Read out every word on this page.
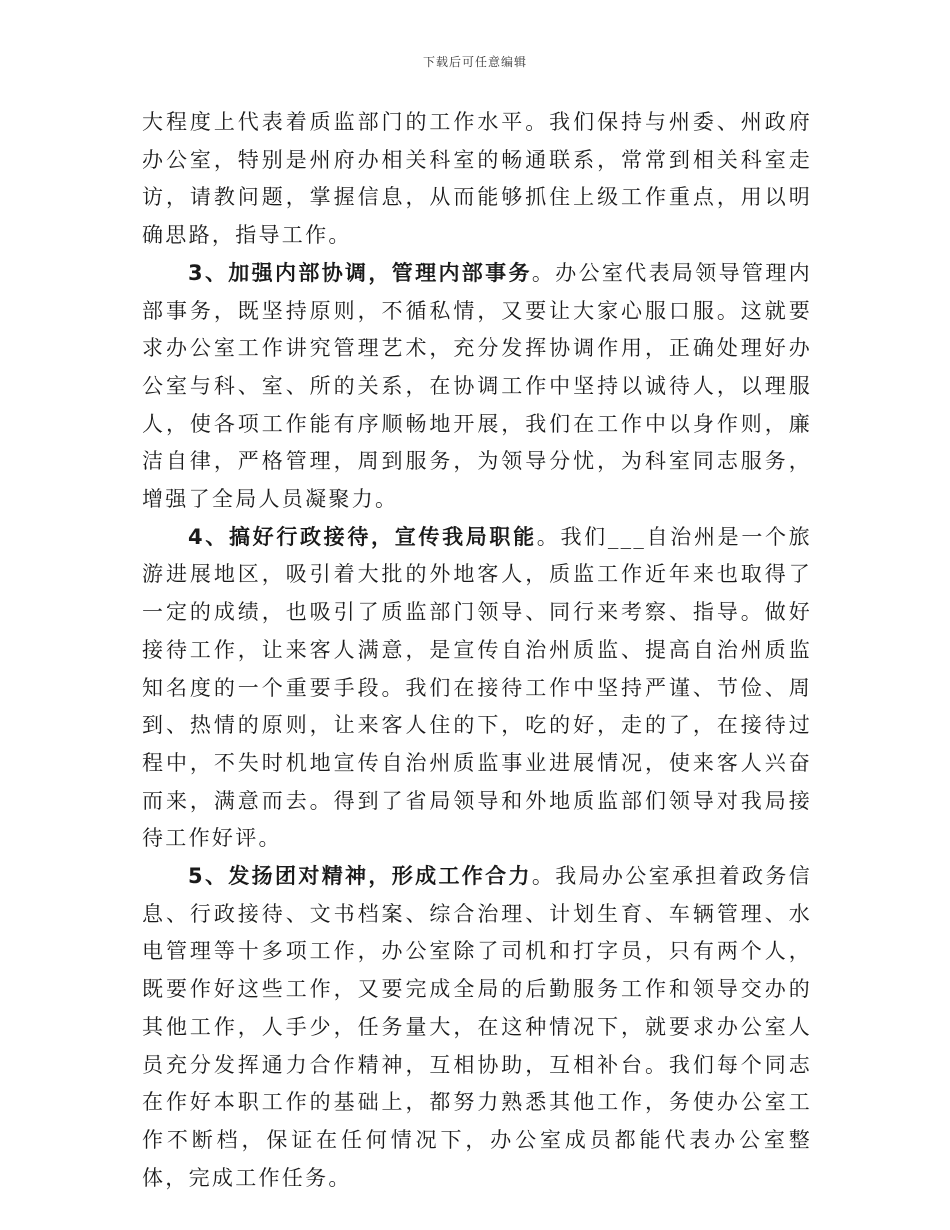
下载后可任意编辑

大程度上代表着质监部门的工作水平。我们保持与州委、州政府办公室，特别是州府办相关科室的畅通联系，常常到相关科室走访，请教问题，掌握信息，从而能够抓住上级工作重点，用以明确思路，指导工作。

3、加强内部协调，管理内部事务。办公室代表局领导管理内部事务，既坚持原则，不循私情，又要让大家心服口服。这就要求办公室工作讲究管理艺术，充分发挥协调作用，正确处理好办公室与科、室、所的关系，在协调工作中坚持以诚待人，以理服人，使各项工作能有序顺畅地开展，我们在工作中以身作则，廉洁自律，严格管理，周到服务，为领导分忧，为科室同志服务，增强了全局人员凝聚力。

4、搞好行政接待，宣传我局职能。我们___自治州是一个旅游进展地区，吸引着大批的外地客人，质监工作近年来也取得了一定的成绩，也吸引了质监部门领导、同行来考察、指导。做好接待工作，让来客人满意，是宣传自治州质监、提高自治州质监知名度的一个重要手段。我们在接待工作中坚持严谨、节俭、周到、热情的原则，让来客人住的下，吃的好，走的了，在接待过程中，不失时机地宣传自治州质监事业进展情况，使来客人兴奋而来，满意而去。得到了省局领导和外地质监部们领导对我局接待工作好评。

5、发扬团对精神，形成工作合力。我局办公室承担着政务信息、行政接待、文书档案、综合治理、计划生育、车辆管理、水电管理等十多项工作，办公室除了司机和打字员，只有两个人，既要作好这些工作，又要完成全局的后勤服务工作和领导交办的其他工作，人手少，任务量大，在这种情况下，就要求办公室人员充分发挥通力合作精神，互相协助，互相补台。我们每个同志在作好本职工作的基础上，都努力熟悉其他工作，务使办公室工作不断档，保证在任何情况下，办公室成员都能代表办公室整体，完成工作任务。
